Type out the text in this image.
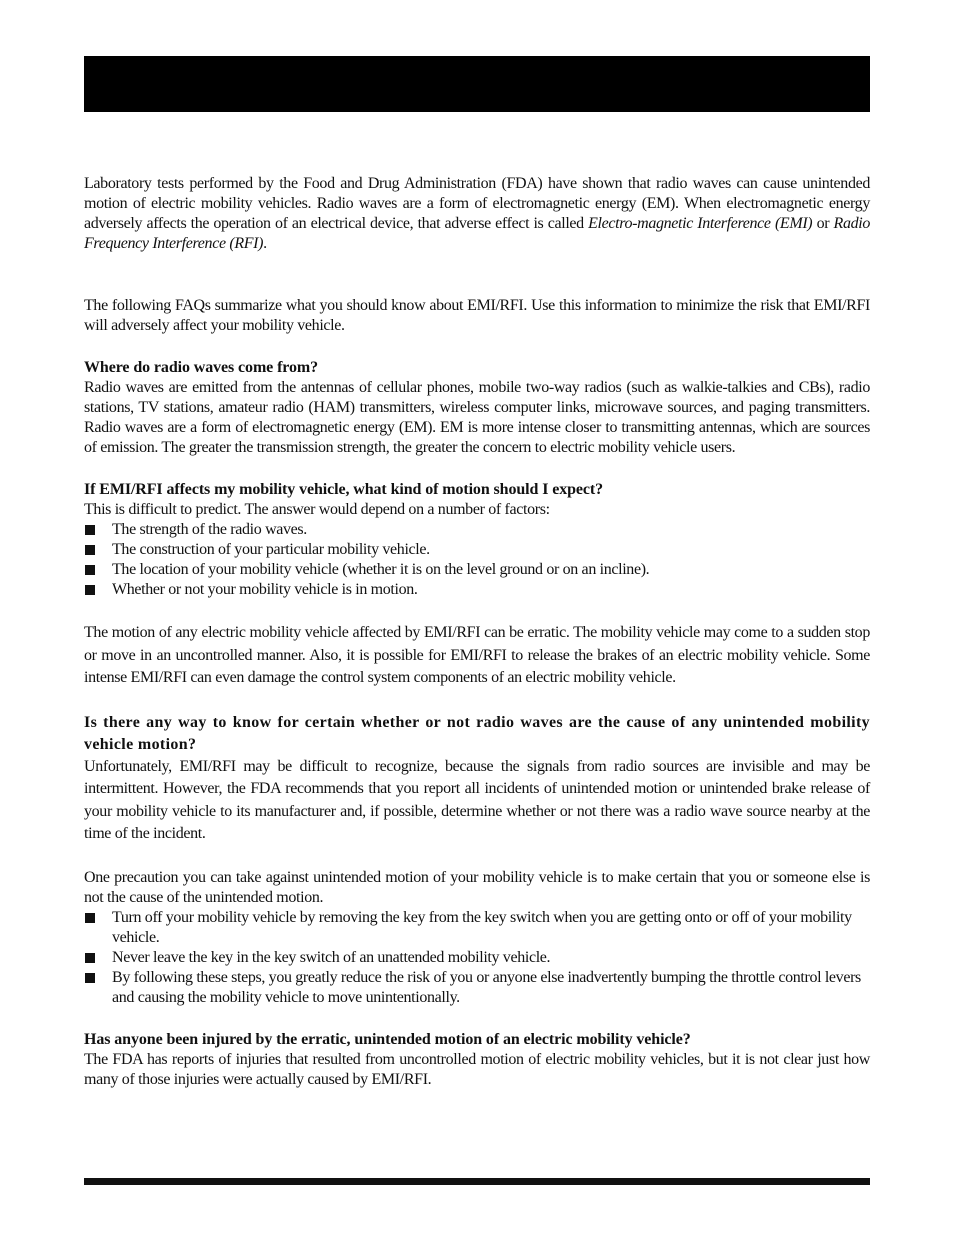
Laboratory tests performed by the Food and Drug Administration (FDA) have shown that radio waves can cause unintended motion of electric mobility vehicles. Radio waves are a form of electromagnetic energy (EM). When electromagnetic energy adversely affects the operation of an electrical device, that adverse effect is called Electro-magnetic Interference (EMI) or Radio Frequency Interference (RFI).

The following FAQs summarize what you should know about EMI/RFI. Use this information to minimize the risk that EMI/RFI will adversely affect your mobility vehicle.

Where do radio waves come from?

Radio waves are emitted from the antennas of cellular phones, mobile two-way radios (such as walkie-talkies and CBs), radio stations, TV stations, amateur radio (HAM) transmitters, wireless computer links, microwave sources, and paging transmitters. Radio waves are a form of electromagnetic energy (EM). EM is more intense closer to transmitting antennas, which are sources of emission. The greater the transmission strength, the greater the concern to electric mobility vehicle users.

If EMI/RFI affects my mobility vehicle, what kind of motion should I expect?

This is difficult to predict. The answer would depend on a number of factors:

The strength of the radio waves.
The construction of your particular mobility vehicle.
The location of your mobility vehicle (whether it is on the level ground or on an incline).
Whether or not your mobility vehicle is in motion.

The motion of any electric mobility vehicle affected by EMI/RFI can be erratic. The mobility vehicle may come to a sudden stop or move in an uncontrolled manner. Also, it is possible for EMI/RFI to release the brakes of an electric mobility vehicle. Some intense EMI/RFI can even damage the control system components of an electric mobility vehicle.

Is there any way to know for certain whether or not radio waves are the cause of any unintended mobility vehicle motion?

Unfortunately, EMI/RFI may be difficult to recognize, because the signals from radio sources are invisible and may be intermittent. However, the FDA recommends that you report all incidents of unintended motion or unintended brake release of your mobility vehicle to its manufacturer and, if possible, determine whether or not there was a radio wave source nearby at the time of the incident.

One precaution you can take against unintended motion of your mobility vehicle is to make certain that you or someone else is not the cause of the unintended motion.

Turn off your mobility vehicle by removing the key from the key switch when you are getting onto or off of your mobility vehicle.
Never leave the key in the key switch of an unattended mobility vehicle.
By following these steps, you greatly reduce the risk of you or anyone else inadvertently bumping the throttle control levers and causing the mobility vehicle to move unintentionally.

Has anyone been injured by the erratic, unintended motion of an electric mobility vehicle?

The FDA has reports of injuries that resulted from uncontrolled motion of electric mobility vehicles, but it is not clear just how many of those injuries were actually caused by EMI/RFI.
